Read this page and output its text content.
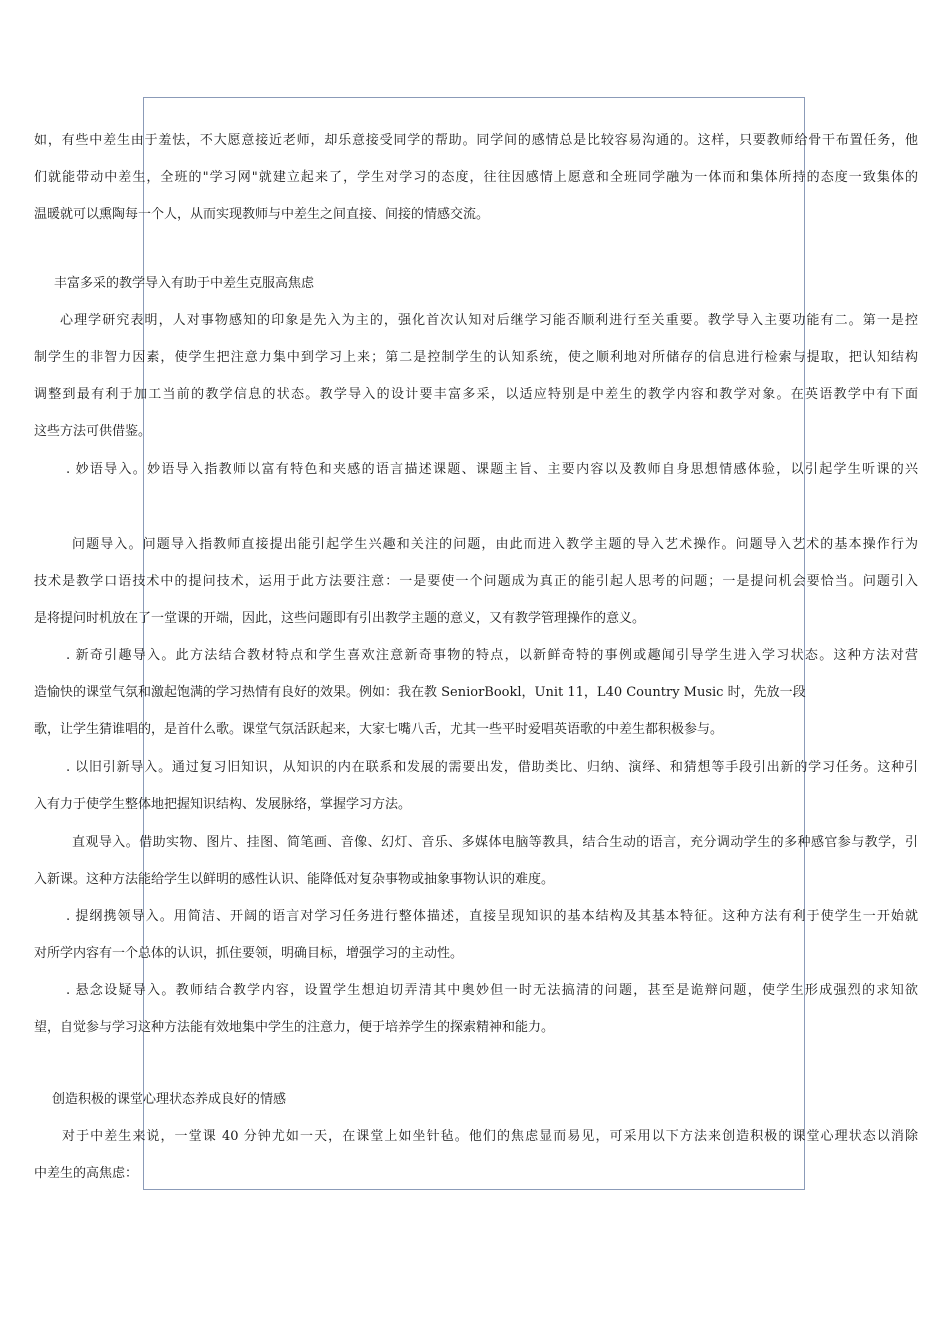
如，有些中差生由于羞怯，不大愿意接近老师，却乐意接受同学的帮助。同学间的感情总是比较容易沟通的。这样，只要教师给骨干布置任务，他
们就能带动中差生，全班的"学习网"就建立起来了，学生对学习的态度，往往因感情上愿意和全班同学融为一体而和集体所持的态度一致集体的
温暖就可以熏陶每一个人，从而实现教师与中差生之间直接、间接的情感交流。
丰富多采的教学导入有助于中差生克服高焦虑
心理学研究表明，人对事物感知的印象是先入为主的，强化首次认知对后继学习能否顺利进行至关重要。教学导入主要功能有二。第一是控
制学生的非智力因素，使学生把注意力集中到学习上来；第二是控制学生的认知系统，使之顺利地对所储存的信息进行检索与提取，把认知结构
调整到最有利于加工当前的教学信息的状态。教学导入的设计要丰富多采，以适应特别是中差生的教学内容和教学对象。在英语教学中有下面
这些方法可供借鉴。
. 妙语导入。妙语导入指教师以富有特色和夹感的语言描述课题、课题主旨、主要内容以及教师自身思想情感体验，以引起学生听课的兴
问题导入。问题导入指教师直接提出能引起学生兴趣和关注的问题，由此而进入教学主题的导入艺术操作。问题导入艺术的基本操作行为
技术是教学口语技术中的提问技术，运用于此方法要注意：一是要使一个问题成为真正的能引起人思考的问题；一是提问机会要恰当。问题引入
是将提问时机放在了一堂课的开端，因此，这些问题即有引出教学主题的意义，又有教学管理操作的意义。
. 新奇引趣导入。此方法结合教材特点和学生喜欢注意新奇事物的特点，以新鲜奇特的事例或趣闻引导学生进入学习状态。这种方法对营
造愉快的课堂气氛和激起饱满的学习热情有良好的效果。例如：我在教 SeniorBookl，Unit 11，L40 Country Music 时，先放一段
歌，让学生猜谁唱的，是首什么歌。课堂气氛活跃起来，大家七嘴八舌，尤其一些平时爱唱英语歌的中差生都积极参与。
. 以旧引新导入。通过复习旧知识，从知识的内在联系和发展的需要出发，借助类比、归纳、演绎、和猜想等手段引出新的学习任务。这种引
入有力于使学生整体地把握知识结构、发展脉络，掌握学习方法。
直观导入。借助实物、图片、挂图、简笔画、音像、幻灯、音乐、多媒体电脑等教具，结合生动的语言，充分调动学生的多种感官参与教学，引
入新课。这种方法能给学生以鲜明的感性认识、能降低对复杂事物或抽象事物认识的难度。
. 提纲携领导入。用简洁、开阔的语言对学习任务进行整体描述，直接呈现知识的基本结构及其基本特征。这种方法有利于使学生一开始就
对所学内容有一个总体的认识，抓住要领，明确目标，增强学习的主动性。
. 悬念设疑导入。教师结合教学内容，设置学生想迫切弄清其中奥妙但一时无法搞清的问题，甚至是诡辩问题，使学生形成强烈的求知欲
望，自觉参与学习这种方法能有效地集中学生的注意力，便于培养学生的探索精神和能力。
创造积极的课堂心理状态养成良好的情感
对于中差生来说，一堂课 40 分钟尤如一天，在课堂上如坐针毡。他们的焦虑显而易见，可采用以下方法来创造积极的课堂心理状态以消除
中差生的高焦虑：
